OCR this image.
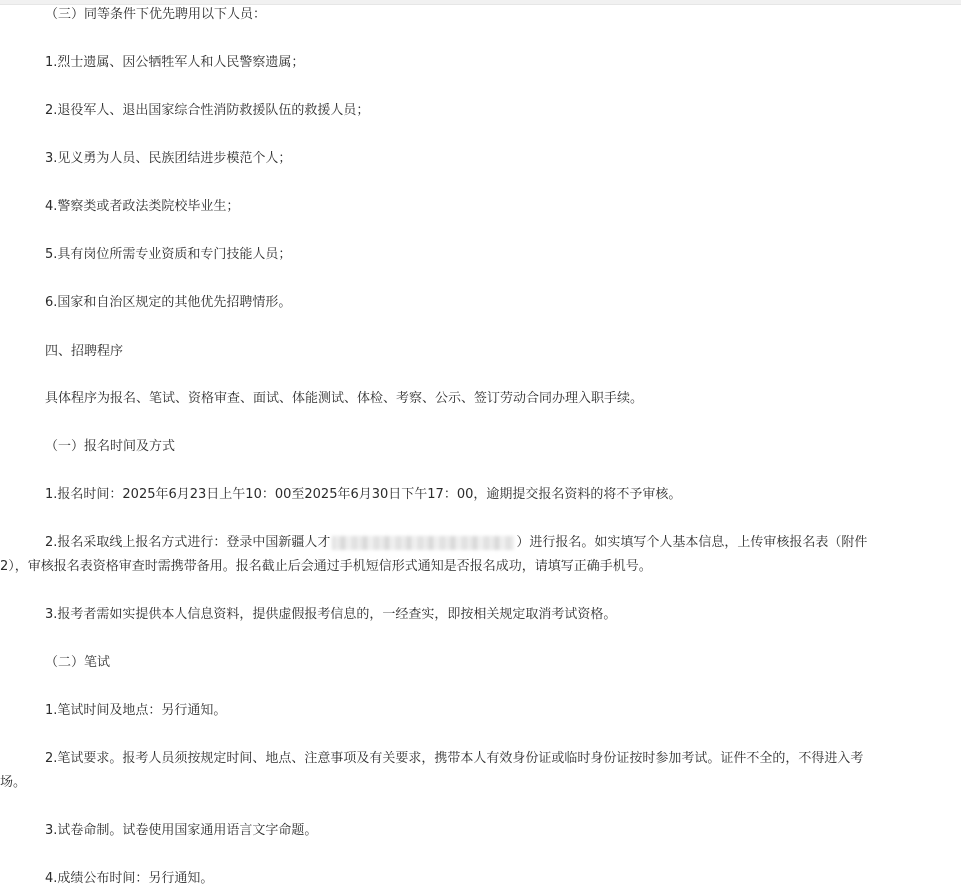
（三）同等条件下优先聘用以下人员：
1.烈士遗属、因公牺牲军人和人民警察遗属；
2.退役军人、退出国家综合性消防救援队伍的救援人员；
3.见义勇为人员、民族团结进步模范个人；
4.警察类或者政法类院校毕业生；
5.具有岗位所需专业资质和专门技能人员；
6.国家和自治区规定的其他优先招聘情形。
四、招聘程序
具体程序为报名、笔试、资格审查、面试、体能测试、体检、考察、公示、签订劳动合同办理入职手续。
（一）报名时间及方式
1.报名时间：2025年6月23日上午10：00至2025年6月30日下午17：00，逾期提交报名资料的将不予审核。
2.报名采取线上报名方式进行：登录中国新疆人才	）进行报名。如实填写个人基本信息，上传审核报名表（附件2），审核报名表资格审查时需携带备用。报名截止后会通过手机短信形式通知是否报名成功，请填写正确手机号。
3.报考者需如实提供本人信息资料，提供虚假报考信息的，一经查实，即按相关规定取消考试资格。
（二）笔试
1.笔试时间及地点：另行通知。
2.笔试要求。报考人员须按规定时间、地点、注意事项及有关要求，携带本人有效身份证或临时身份证按时参加考试。证件不全的，不得进入考场。
3.试卷命制。试卷使用国家通用语言文字命题。
4.成绩公布时间：另行通知。
